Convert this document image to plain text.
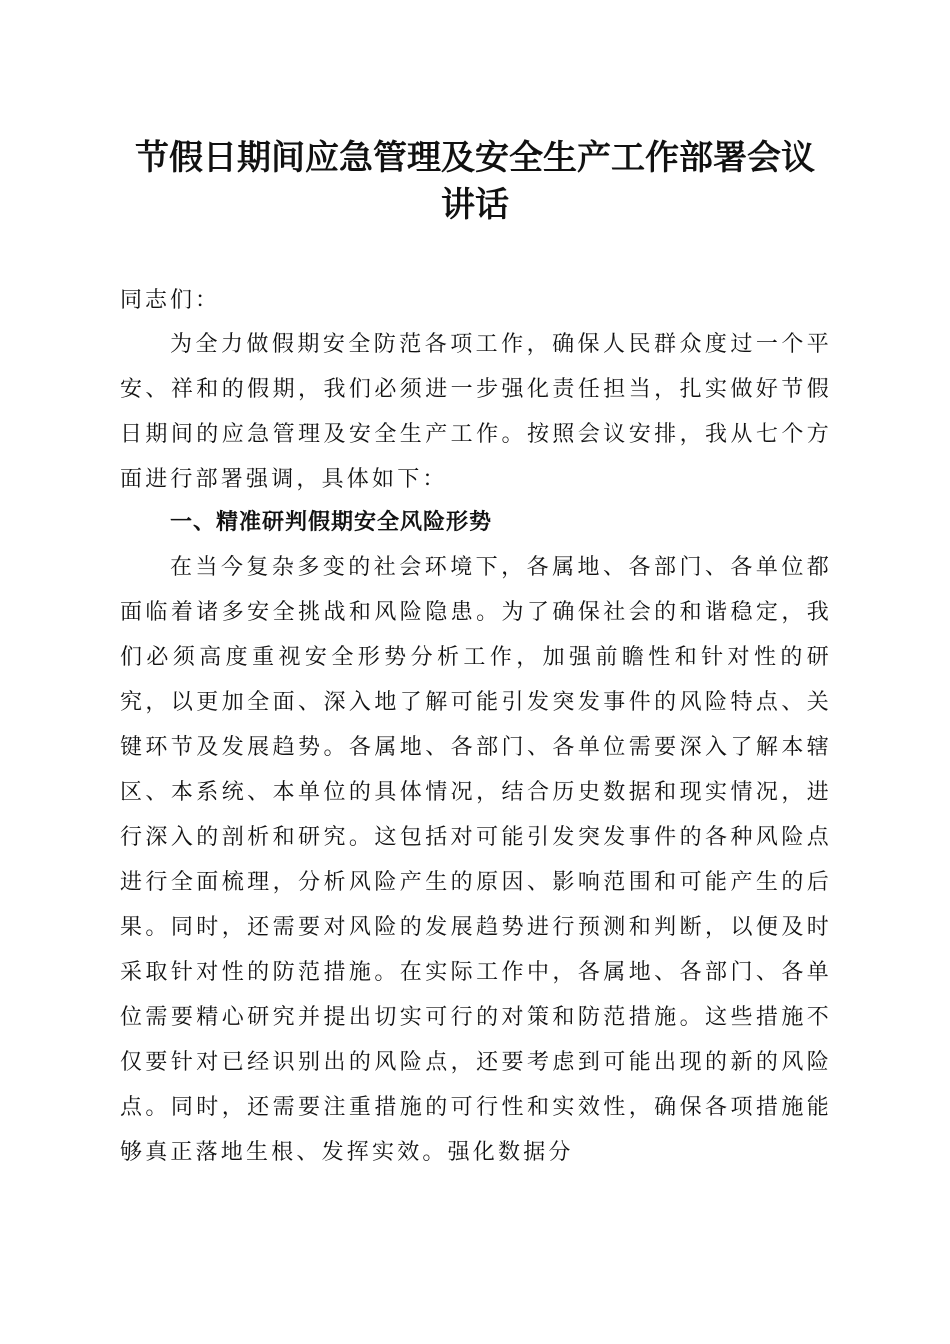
节假日期间应急管理及安全生产工作部署会议
讲话

同志们：

为全力做假期安全防范各项工作，确保人民群众度过一个平安、祥和的假期，我们必须进一步强化责任担当，扎实做好节假日期间的应急管理及安全生产工作。按照会议安排，我从七个方面进行部署强调，具体如下：

一、精准研判假期安全风险形势

在当今复杂多变的社会环境下，各属地、各部门、各单位都面临着诸多安全挑战和风险隐患。为了确保社会的和谐稳定，我们必须高度重视安全形势分析工作，加强前瞻性和针对性的研究，以更加全面、深入地了解可能引发突发事件的风险特点、关键环节及发展趋势。各属地、各部门、各单位需要深入了解本辖区、本系统、本单位的具体情况，结合历史数据和现实情况，进行深入的剖析和研究。这包括对可能引发突发事件的各种风险点进行全面梳理，分析风险产生的原因、影响范围和可能产生的后果。同时，还需要对风险的发展趋势进行预测和判断，以便及时采取针对性的防范措施。在实际工作中，各属地、各部门、各单位需要精心研究并提出切实可行的对策和防范措施。这些措施不仅要针对已经识别出的风险点，还要考虑到可能出现的新的风险点。同时，还需要注重措施的可行性和实效性，确保各项措施能够真正落地生根、发挥实效。强化数据分
